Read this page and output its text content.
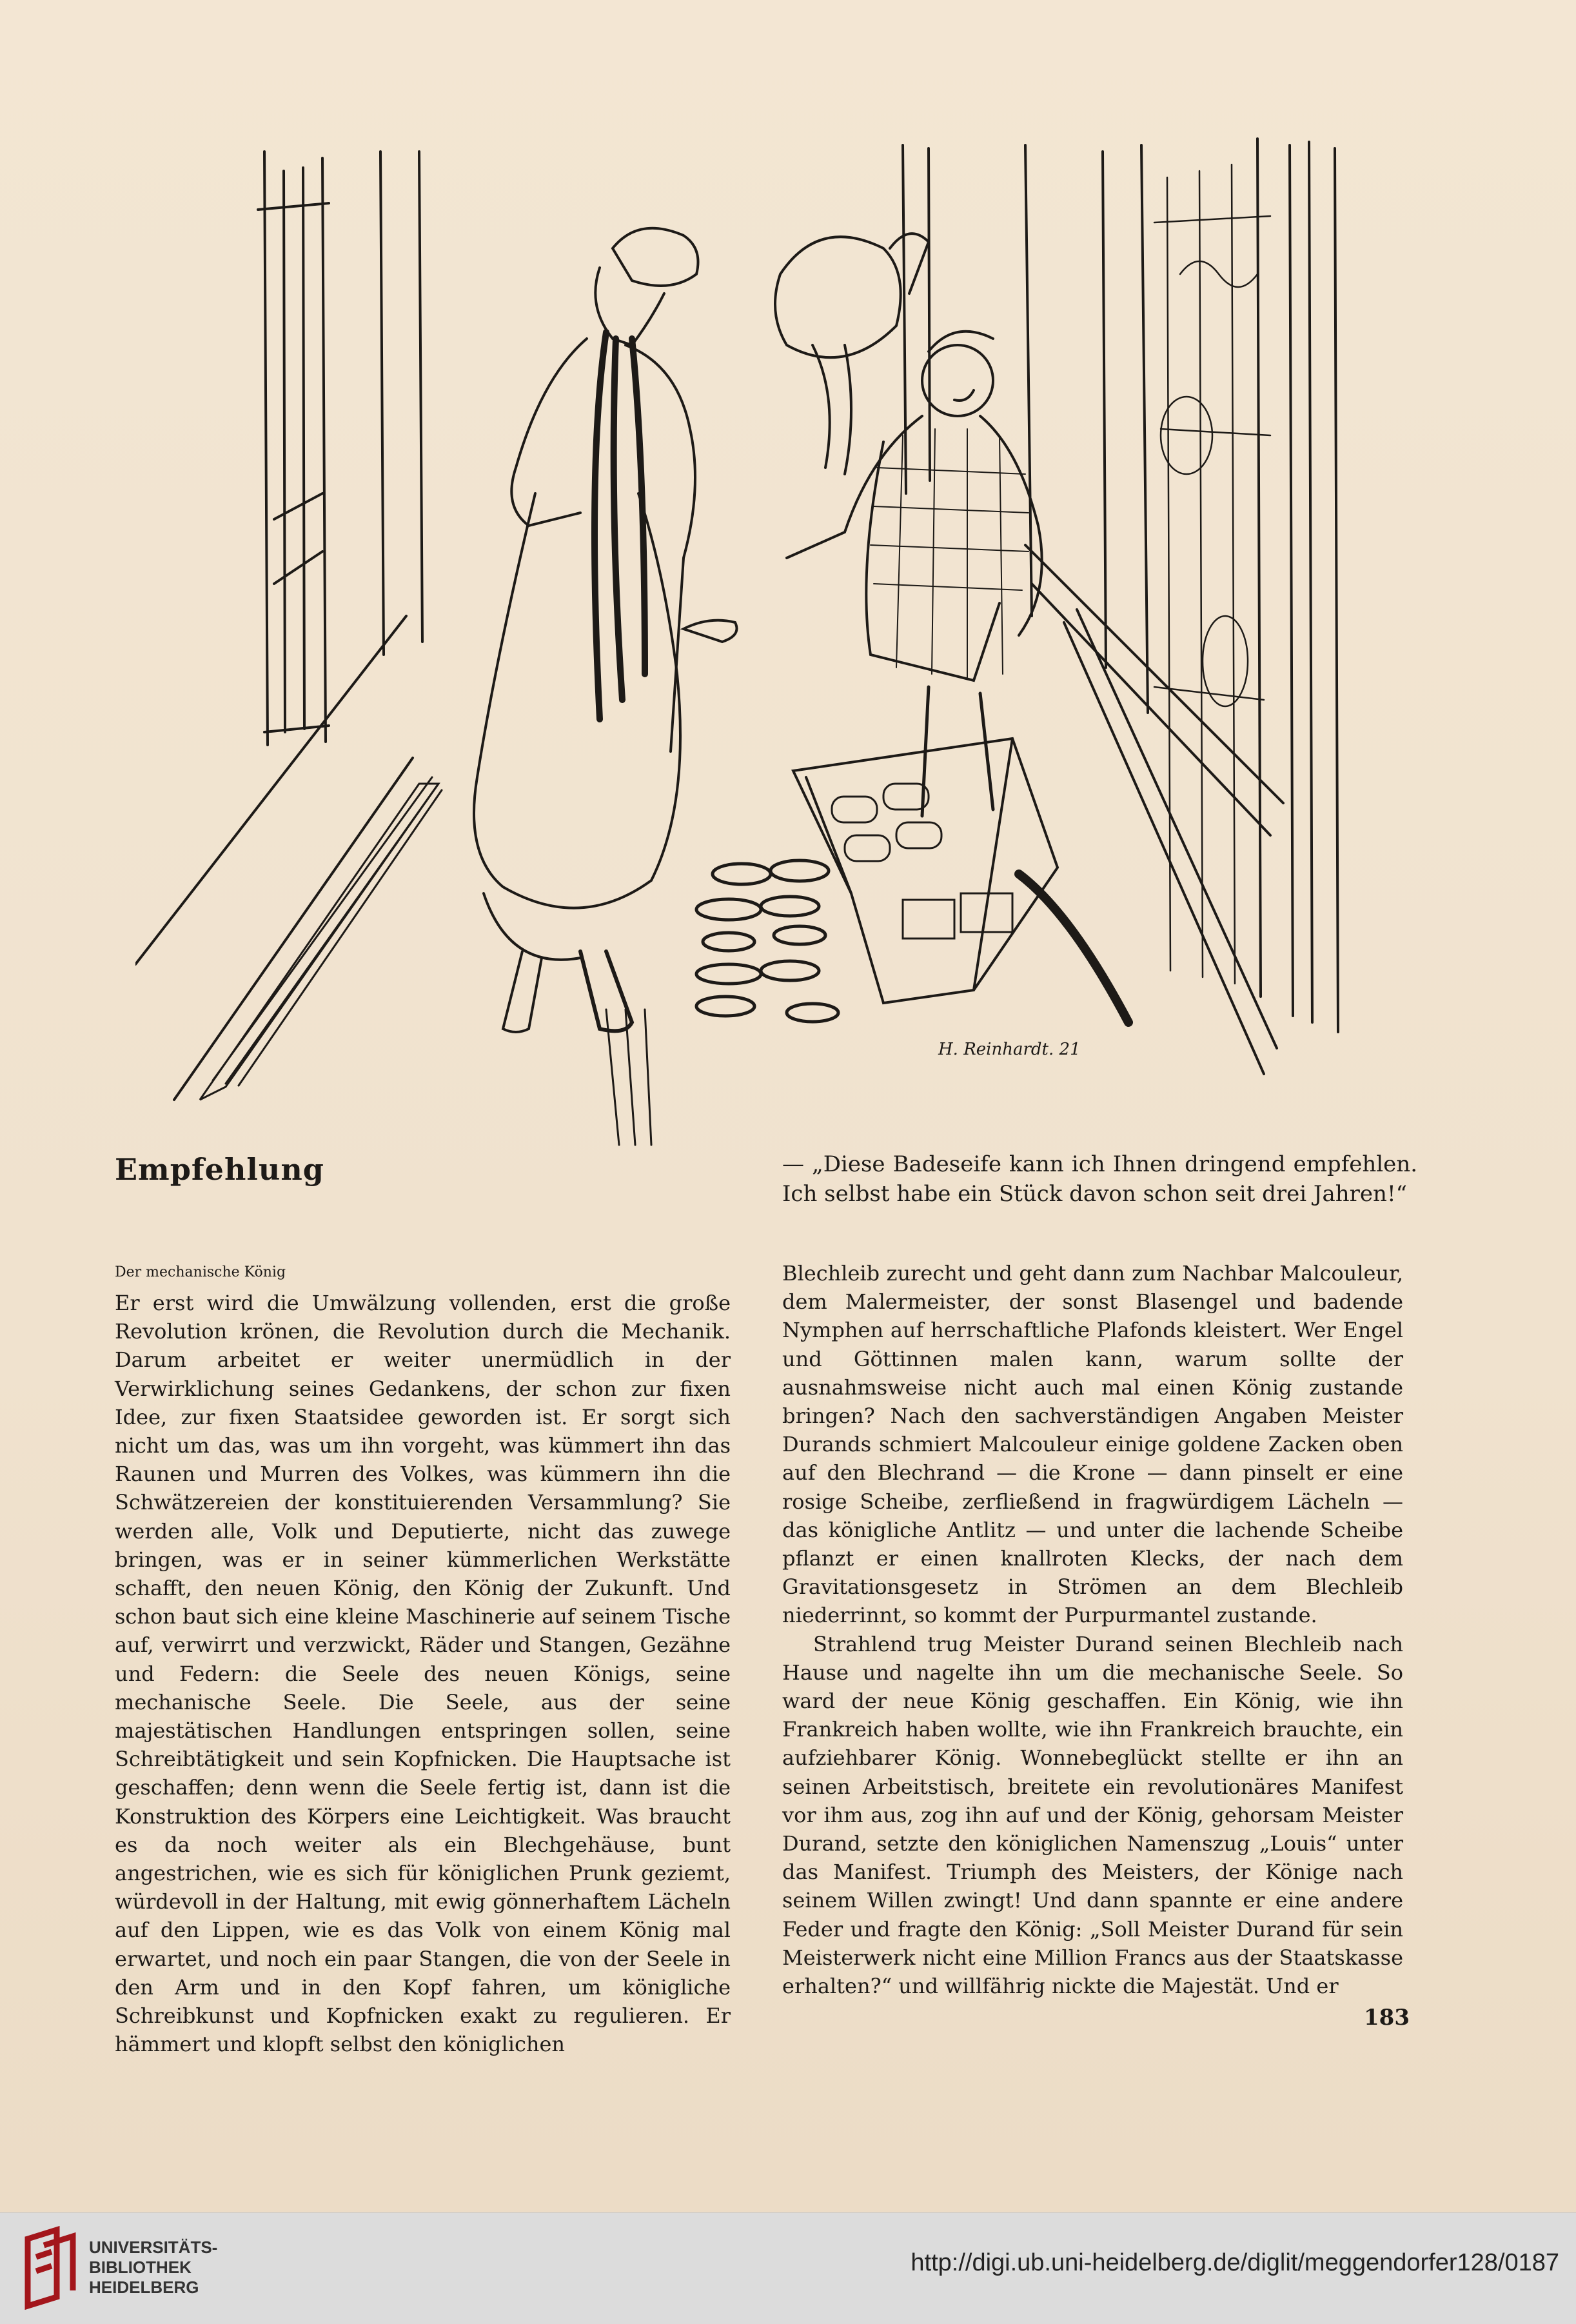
H. Reinhardt. 21
Empfehlung	— „Diese Badeseife kann ich Ihnen dringend empfehlen.
Ich selbst habe ein Stück davon schon seit drei Jahren!“
Der mechanische König

Er erst wird die Umwälzung vollenden, erst die große Revolution krönen, die Revolution durch die Mechanik. Darum arbeitet er weiter unermüdlich in der Verwirklichung seines Gedankens, der schon zur fixen Idee, zur fixen Staatsidee geworden ist. Er sorgt sich nicht um das, was um ihn vorgeht, was kümmert ihn das Raunen und Murren des Volkes, was kümmern ihn die Schwätzereien der konstituierenden Versammlung? Sie werden alle, Volk und Deputierte, nicht das zuwege bringen, was er in seiner kümmerlichen Werkstätte schafft, den neuen König, den König der Zukunft. Und schon baut sich eine kleine Maschinerie auf seinem Tische auf, verwirrt und verzwickt, Räder und Stangen, Gezähne und Federn: die Seele des neuen Königs, seine mechanische Seele. Die Seele, aus der seine majestätischen Handlungen entspringen sollen, seine Schreibtätigkeit und sein Kopfnicken. Die Hauptsache ist geschaffen; denn wenn die Seele fertig ist, dann ist die Konstruktion des Körpers eine Leichtigkeit. Was braucht es da noch weiter als ein Blechgehäuse, bunt angestrichen, wie es sich für königlichen Prunk geziemt, würdevoll in der Haltung, mit ewig gönnerhaftem Lächeln auf den Lippen, wie es das Volk von einem König mal erwartet, und noch ein paar Stangen, die von der Seele in den Arm und in den Kopf fahren, um königliche Schreibkunst und Kopfnicken exakt zu regulieren. Er hämmert und klopft selbst den königlichen

Blechleib zurecht und geht dann zum Nachbar Malcouleur, dem Malermeister, der sonst Blasengel und badende Nymphen auf herrschaftliche Plafonds kleistert. Wer Engel und Göttinnen malen kann, warum sollte der ausnahmsweise nicht auch mal einen König zustande bringen? Nach den sachverständigen Angaben Meister Durands schmiert Malcouleur einige goldene Zacken oben auf den Blechrand — die Krone — dann pinselt er eine rosige Scheibe, zerfließend in fragwürdigem Lächeln — das königliche Antlitz — und unter die lachende Scheibe pflanzt er einen knallroten Klecks, der nach dem Gravitationsgesetz in Strömen an dem Blechleib niederrinnt, so kommt der Purpurmantel zustande.

Strahlend trug Meister Durand seinen Blechleib nach Hause und nagelte ihn um die mechanische Seele. So ward der neue König geschaffen. Ein König, wie ihn Frankreich haben wollte, wie ihn Frankreich brauchte, ein aufziehbarer König. Wonnebeglückt stellte er ihn an seinen Arbeitstisch, breitete ein revolutionäres Manifest vor ihm aus, zog ihn auf und der König, gehorsam Meister Durand, setzte den königlichen Namenszug „Louis“ unter das Manifest. Triumph des Meisters, der Könige nach seinem Willen zwingt! Und dann spannte er eine andere Feder und fragte den König: „Soll Meister Durand für sein Meisterwerk nicht eine Million Francs aus der Staatskasse erhalten?“ und willfährig nickte die Majestät. Und er

183
UNIVERSITÄTS-
BIBLIOTHEK
HEIDELBERG
http://digi.ub.uni-heidelberg.de/diglit/meggendorfer128/0187
